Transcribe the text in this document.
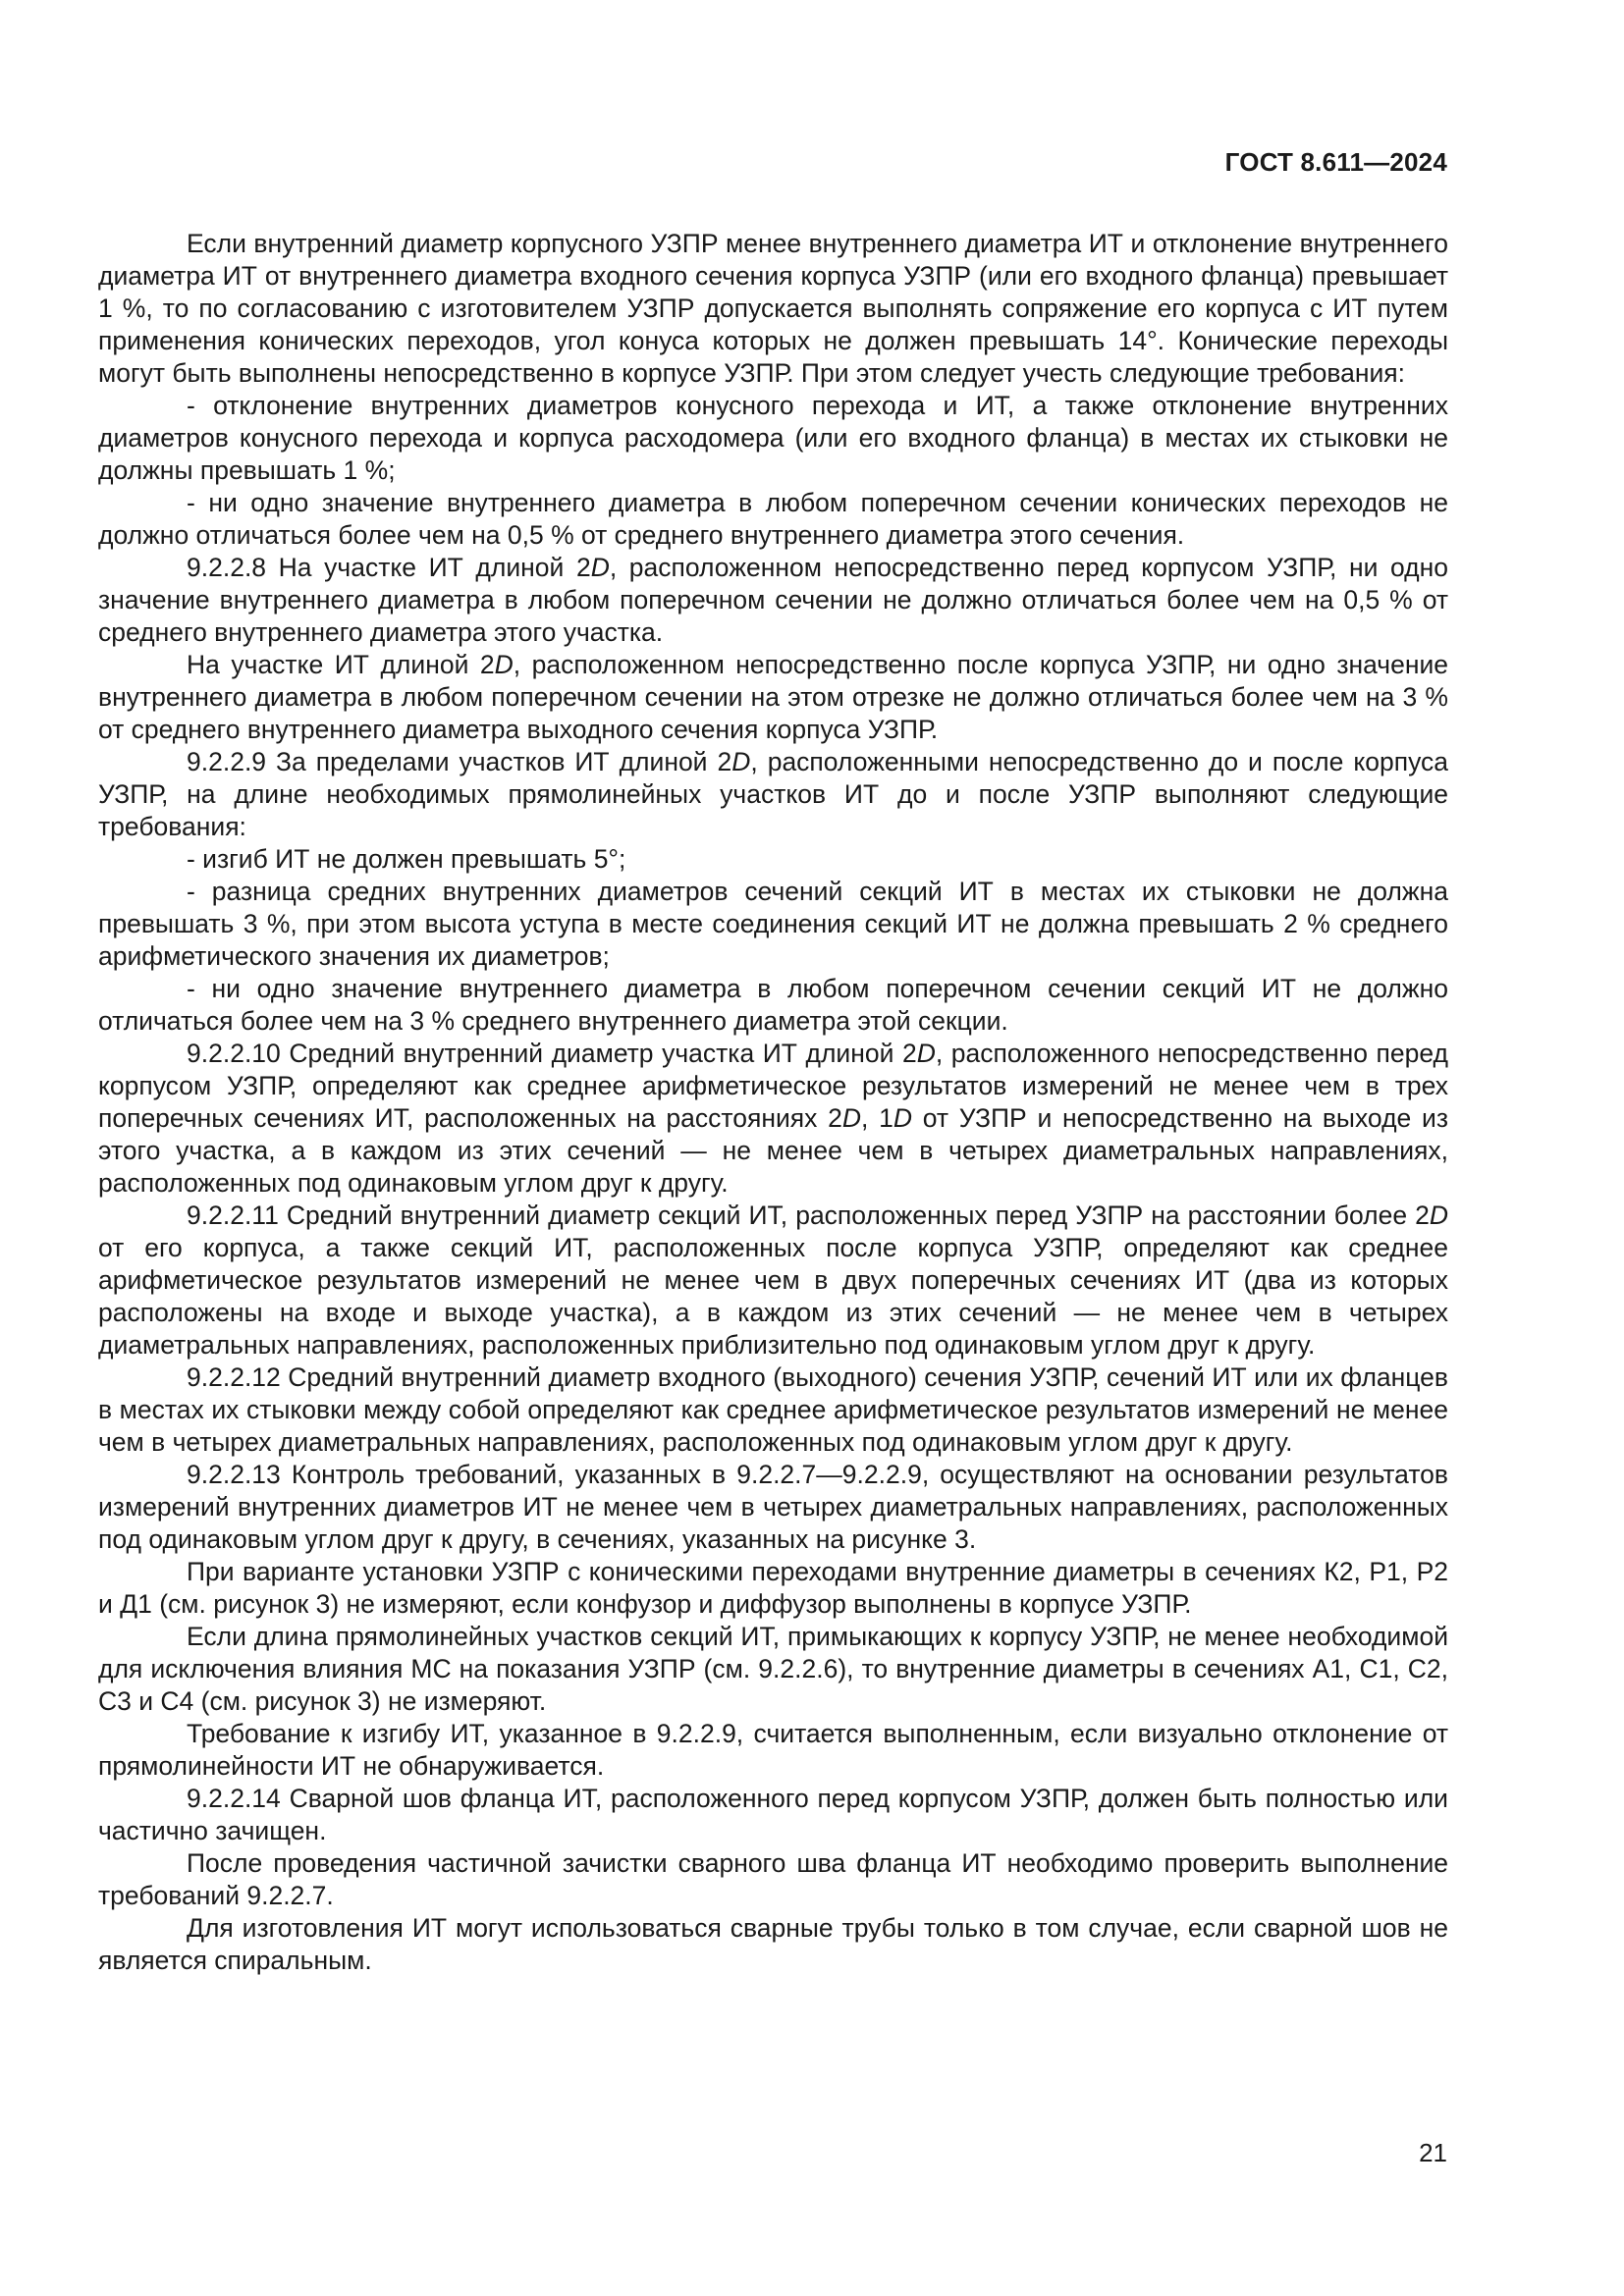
ГОСТ 8.611—2024

Если внутренний диаметр корпусного УЗПР менее внутреннего диаметра ИТ и отклонение внутреннего диаметра ИТ от внутреннего диаметра входного сечения корпуса УЗПР (или его входного фланца) превышает 1 %, то по согласованию с изготовителем УЗПР допускается выполнять сопряжение его корпуса с ИТ путем применения конических переходов, угол конуса которых не должен превышать 14°. Конические переходы могут быть выполнены непосредственно в корпусе УЗПР. При этом следует учесть следующие требования:

- отклонение внутренних диаметров конусного перехода и ИТ, а также отклонение внутренних диаметров конусного перехода и корпуса расходомера (или его входного фланца) в местах их стыковки не должны превышать 1 %;

- ни одно значение внутреннего диаметра в любом поперечном сечении конических переходов не должно отличаться более чем на 0,5 % от среднего внутреннего диаметра этого сечения.

9.2.2.8 На участке ИТ длиной 2D, расположенном непосредственно перед корпусом УЗПР, ни одно значение внутреннего диаметра в любом поперечном сечении не должно отличаться более чем на 0,5 % от среднего внутреннего диаметра этого участка.

На участке ИТ длиной 2D, расположенном непосредственно после корпуса УЗПР, ни одно значение внутреннего диаметра в любом поперечном сечении на этом отрезке не должно отличаться более чем на 3 % от среднего внутреннего диаметра выходного сечения корпуса УЗПР.

9.2.2.9 За пределами участков ИТ длиной 2D, расположенными непосредственно до и после корпуса УЗПР, на длине необходимых прямолинейных участков ИТ до и после УЗПР выполняют следующие требования:

- изгиб ИТ не должен превышать 5°;

- разница средних внутренних диаметров сечений секций ИТ в местах их стыковки не должна превышать 3 %, при этом высота уступа в месте соединения секций ИТ не должна превышать 2 % среднего арифметического значения их диаметров;

- ни одно значение внутреннего диаметра в любом поперечном сечении секций ИТ не должно отличаться более чем на 3 % среднего внутреннего диаметра этой секции.

9.2.2.10 Средний внутренний диаметр участка ИТ длиной 2D, расположенного непосредственно перед корпусом УЗПР, определяют как среднее арифметическое результатов измерений не менее чем в трех поперечных сечениях ИТ, расположенных на расстояниях 2D, 1D от УЗПР и непосредственно на выходе из этого участка, а в каждом из этих сечений — не менее чем в четырех диаметральных направлениях, расположенных под одинаковым углом друг к другу.

9.2.2.11 Средний внутренний диаметр секций ИТ, расположенных перед УЗПР на расстоянии более 2D от его корпуса, а также секций ИТ, расположенных после корпуса УЗПР, определяют как среднее арифметическое результатов измерений не менее чем в двух поперечных сечениях ИТ (два из которых расположены на входе и выходе участка), а в каждом из этих сечений — не менее чем в четырех диаметральных направлениях, расположенных приблизительно под одинаковым углом друг к другу.

9.2.2.12 Средний внутренний диаметр входного (выходного) сечения УЗПР, сечений ИТ или их фланцев в местах их стыковки между собой определяют как среднее арифметическое результатов измерений не менее чем в четырех диаметральных направлениях, расположенных под одинаковым углом друг к другу.

9.2.2.13 Контроль требований, указанных в 9.2.2.7—9.2.2.9, осуществляют на основании результатов измерений внутренних диаметров ИТ не менее чем в четырех диаметральных направлениях, расположенных под одинаковым углом друг к другу, в сечениях, указанных на рисунке 3.

При варианте установки УЗПР с коническими переходами внутренние диаметры в сечениях К2, Р1, Р2 и Д1 (см. рисунок 3) не измеряют, если конфузор и диффузор выполнены в корпусе УЗПР.

Если длина прямолинейных участков секций ИТ, примыкающих к корпусу УЗПР, не менее необходимой для исключения влияния МС на показания УЗПР (см. 9.2.2.6), то внутренние диаметры в сечениях А1, С1, С2, С3 и С4 (см. рисунок 3) не измеряют.

Требование к изгибу ИТ, указанное в 9.2.2.9, считается выполненным, если визуально отклонение от прямолинейности ИТ не обнаруживается.

9.2.2.14 Сварной шов фланца ИТ, расположенного перед корпусом УЗПР, должен быть полностью или частично зачищен.

После проведения частичной зачистки сварного шва фланца ИТ необходимо проверить выполнение требований 9.2.2.7.

Для изготовления ИТ могут использоваться сварные трубы только в том случае, если сварной шов не является спиральным.

21
